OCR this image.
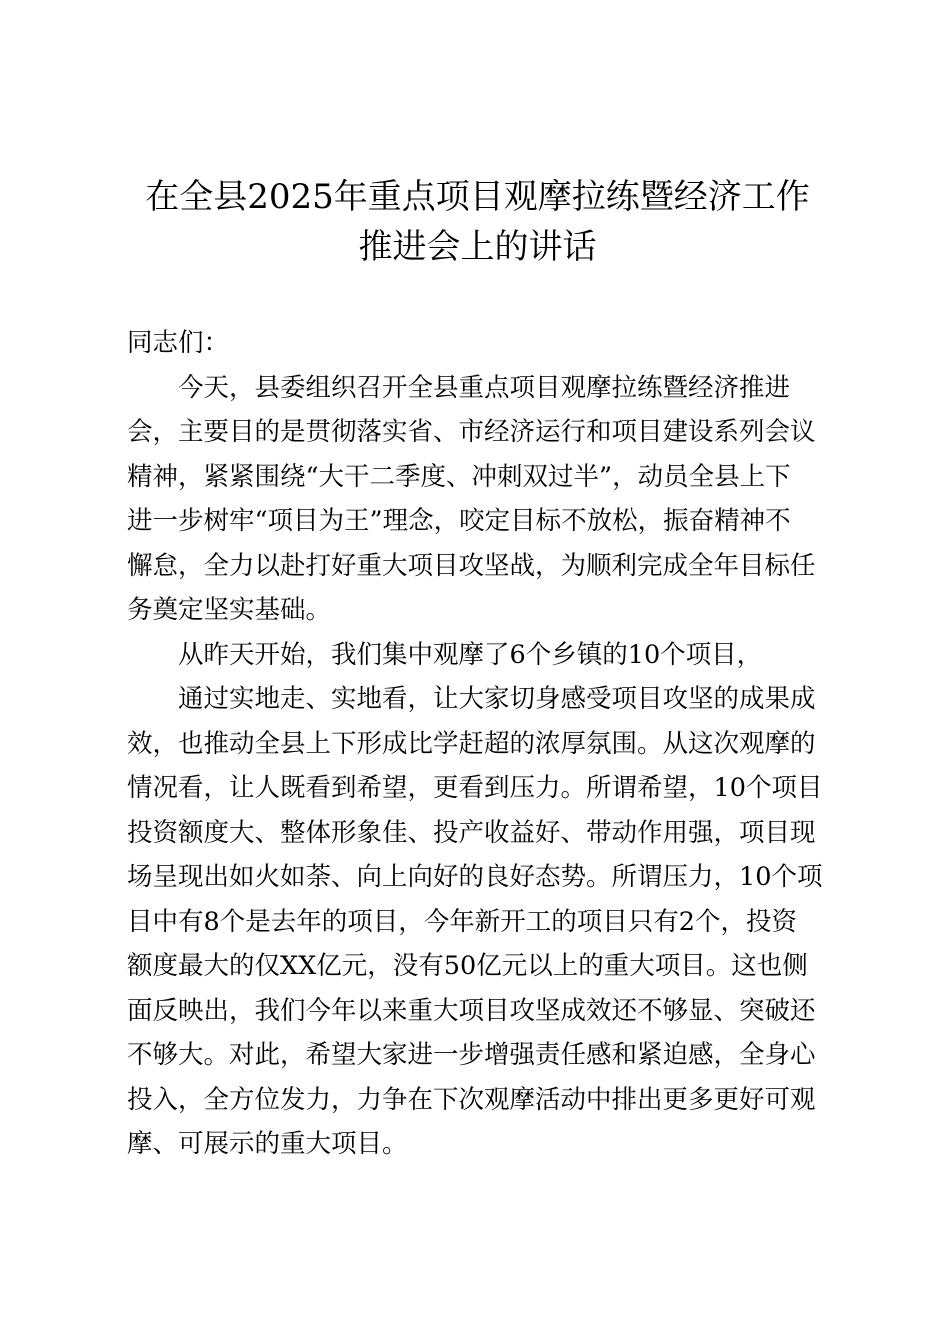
在全县2025年重点项目观摩拉练暨经济工作
推进会上的讲话

同志们：

今天，县委组织召开全县重点项目观摩拉练暨经济推进
会，主要目的是贯彻落实省、市经济运行和项目建设系列会议
精神，紧紧围绕“大干二季度、冲刺双过半”，动员全县上下
进一步树牢“项目为王”理念，咬定目标不放松，振奋精神不
懈怠，全力以赴打好重大项目攻坚战，为顺利完成全年目标任
务奠定坚实基础。

从昨天开始，我们集中观摩了6个乡镇的10个项目，

通过实地走、实地看，让大家切身感受项目攻坚的成果成
效，也推动全县上下形成比学赶超的浓厚氛围。从这次观摩的
情况看，让人既看到希望，更看到压力。所谓希望，10个项目
投资额度大、整体形象佳、投产收益好、带动作用强，项目现
场呈现出如火如荼、向上向好的良好态势。所谓压力，10个项
目中有8个是去年的项目，今年新开工的项目只有2个，投资
额度最大的仅XX亿元，没有50亿元以上的重大项目。这也侧
面反映出，我们今年以来重大项目攻坚成效还不够显、突破还
不够大。对此，希望大家进一步增强责任感和紧迫感，全身心
投入，全方位发力，力争在下次观摩活动中排出更多更好可观
摩、可展示的重大项目。
